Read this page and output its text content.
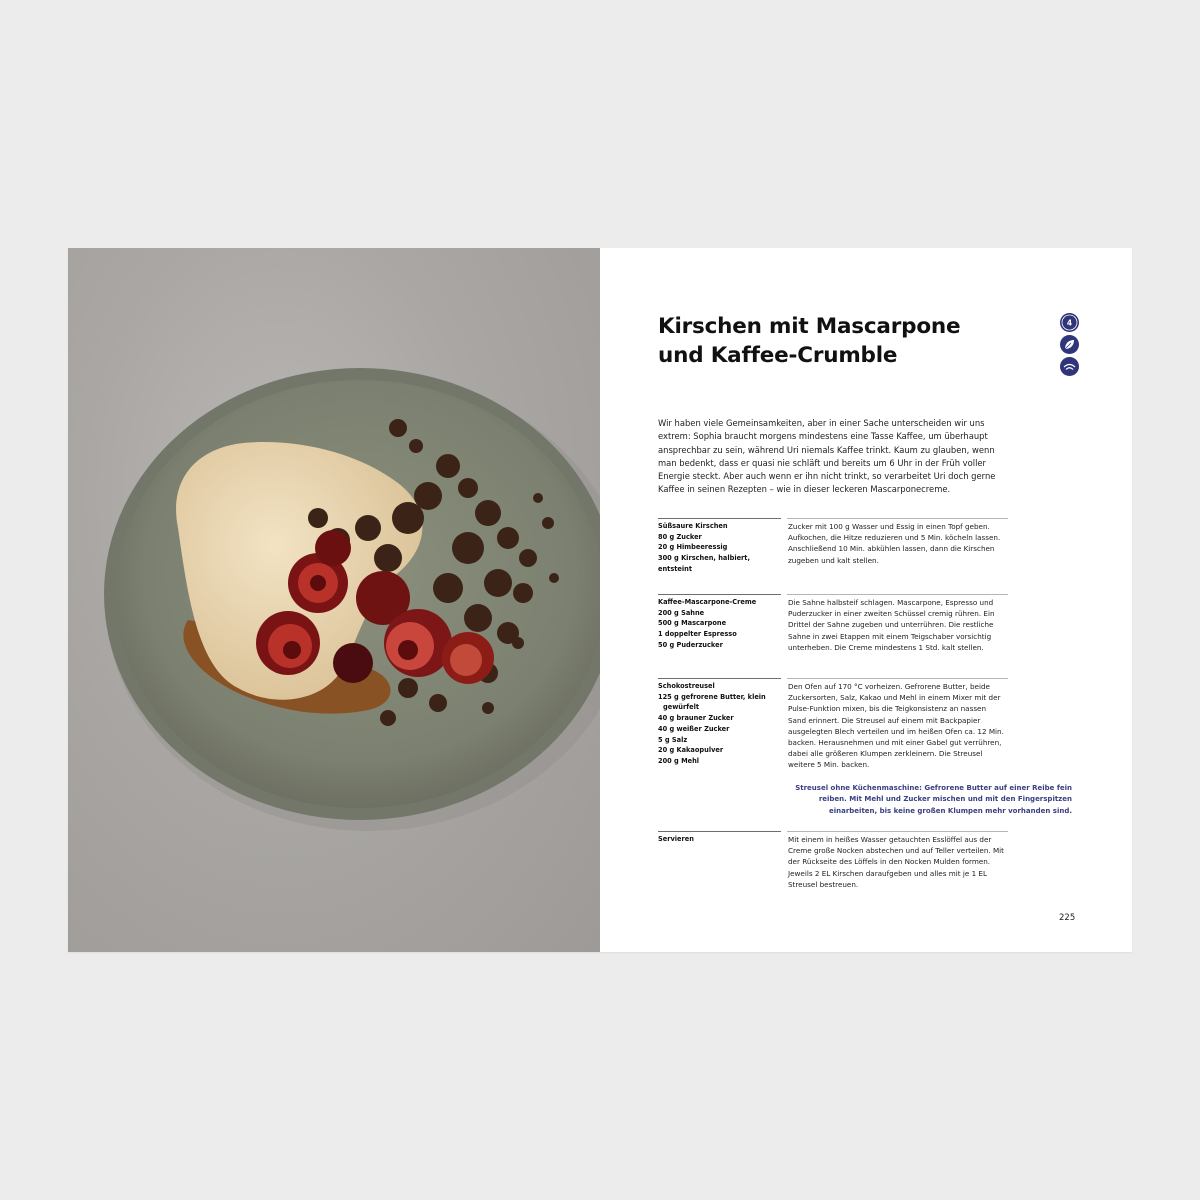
Kirschen mit Mascarpone
und Kaffee-Crumble
4
Wir haben viele Gemeinsamkeiten, aber in einer Sache unterscheiden wir uns extrem: Sophia braucht morgens mindestens eine Tasse Kaffee, um überhaupt ansprechbar zu sein, während Uri niemals Kaffee trinkt. Kaum zu glauben, wenn man bedenkt, dass er quasi nie schläft und bereits um 6 Uhr in der Früh voller Energie steckt. Aber auch wenn er ihn nicht trinkt, so verarbeitet Uri doch gerne Kaffee in seinen Rezepten – wie in dieser leckeren Mascarponecreme.
Süßsaure Kirschen
80 g Zucker
20 g Himbeeressig
300 g Kirschen, halbiert, entsteint
Zucker mit 100 g Wasser und Essig in einen Topf geben. Aufkochen, die Hitze reduzieren und 5 Min. köcheln lassen. Anschließend 10 Min. abkühlen lassen, dann die Kirschen zugeben und kalt stellen.
Kaffee-Mascarpone-Creme
200 g Sahne
500 g Mascarpone
1 doppelter Espresso
50 g Puderzucker
Die Sahne halbsteif schlagen. Mascarpone, Espresso und Puderzucker in einer zweiten Schüssel cremig rühren. Ein Drittel der Sahne zugeben und unterrühren. Die restliche Sahne in zwei Etappen mit einem Teigschaber vorsichtig unterheben. Die Creme mindestens 1 Std. kalt stellen.
Schokostreusel
125 g gefrorene Butter, klein
gewürfelt
40 g brauner Zucker
40 g weißer Zucker
5 g Salz
20 g Kakaopulver
200 g Mehl
Den Ofen auf 170 °C vorheizen. Gefrorene Butter, beide Zuckersorten, Salz, Kakao und Mehl in einem Mixer mit der Pulse-Funktion mixen, bis die Teigkonsistenz an nassen Sand erinnert. Die Streusel auf einem mit Backpapier ausgelegten Blech verteilen und im heißen Ofen ca. 12 Min. backen. Herausnehmen und mit einer Gabel gut verrühren, dabei alle größeren Klumpen zerkleinern. Die Streusel weitere 5 Min. backen.
Streusel ohne Küchenmaschine: Gefrorene Butter auf einer Reibe fein reiben. Mit Mehl und Zucker mischen und mit den Fingerspitzen einarbeiten, bis keine großen Klumpen mehr vorhanden sind.
Servieren	Mit einem in heißes Wasser getauchten Esslöffel aus der Creme große Nocken abstechen und auf Teller verteilen. Mit der Rückseite des Löffels in den Nocken Mulden formen. Jeweils 2 EL Kirschen daraufgeben und alles mit je 1 EL Streusel bestreuen.
225
